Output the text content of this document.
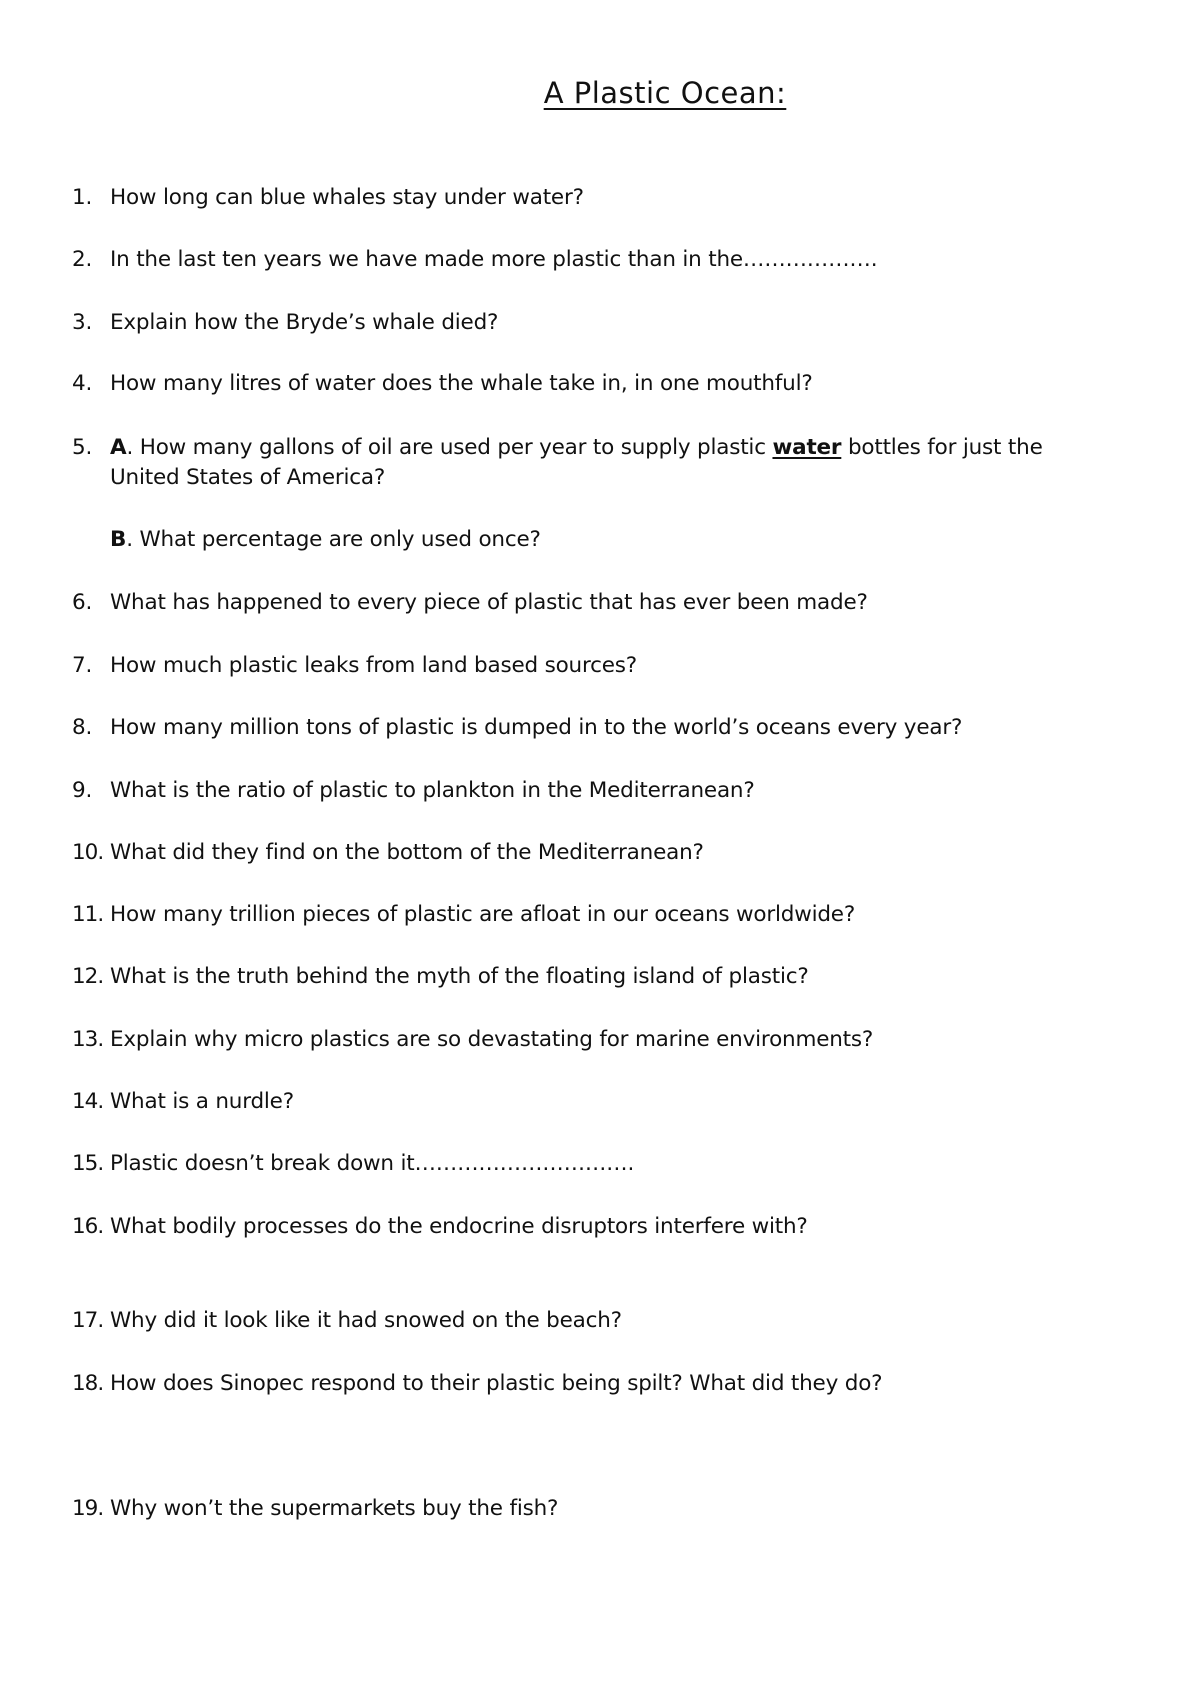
A Plastic Ocean:
1. How long can blue whales stay under water?
2. In the last ten years we have made more plastic than in the……………….
3. Explain how the Bryde’s whale died?
4. How many litres of water does the whale take in, in one mouthful?
5. A. How many gallons of oil are used per year to supply plastic water bottles for just the
United States of America?
B. What percentage are only used once?
6. What has happened to every piece of plastic that has ever been made?
7. How much plastic leaks from land based sources?
8. How many million tons of plastic is dumped in to the world’s oceans every year?
9. What is the ratio of plastic to plankton in the Mediterranean?
10. What did they find on the bottom of the Mediterranean?
11. How many trillion pieces of plastic are afloat in our oceans worldwide?
12. What is the truth behind the myth of the floating island of plastic?
13. Explain why micro plastics are so devastating for marine environments?
14. What is a nurdle?
15. Plastic doesn’t break down it………………………….
16. What bodily processes do the endocrine disruptors interfere with?
17. Why did it look like it had snowed on the beach?
18. How does Sinopec respond to their plastic being spilt? What did they do?
19. Why won’t the supermarkets buy the fish?
